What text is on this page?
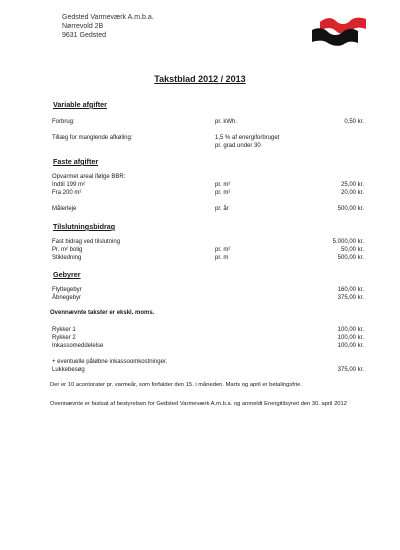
Gedsted Varmeværk A.m.b.a.
Nørrevold 2B
9631 Gedsted
Takstblad 2012 / 2013
Variable afgifter
Forbrug:	pr. kWh.	0,50 kr.
Tillæg for manglende afkøling:	1,5 % af energiforbruget
pr. grad under 30
Faste afgifter
Opvarmet areal ifølge BBR:
Indtil 199 m²	pr. m²	25,00 kr.
Fra 200 m²	pr. m²	20,00 kr.
Målerleje	pr. år	500,00 kr.
Tilslutningsbidrag
Fast bidrag ved tilslutning	5.000,00 kr.
Pr. m² bolig	pr. m²	50,00 kr.
Stikledning	pr. m	500,00 kr.
Gebyrer
Flyttegebyr	160,00 kr.
Åbnegebyr	375,00 kr.
Ovennævnte takster er ekskl. moms.
Rykker 1	100,00 kr.
Rykker 2	100,00 kr.
Inkassomeddelelse	100,00 kr.
+ eventuelle påløbne inkassoomkostninger.
Lukkebesøg	375,00 kr.
Der er 10 acontorater pr. varmeår, som forfalder den 15. i måneden. Marts og april er betalingsfrie.
Ovennævnte er fastsat af bestyrelsen for Gedsted Varmeværk A.m.b.a. og anmeldt Energitilsynet den 30. april 2012
